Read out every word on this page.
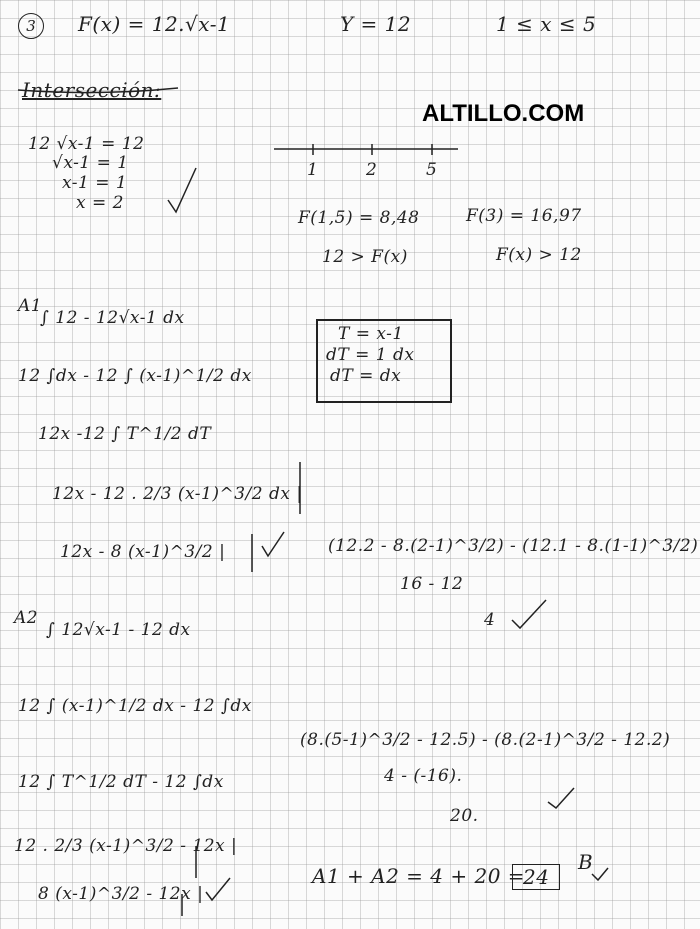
ALTILLO.COM
3	F(x) = 12.√x-1	Y = 12	1 ≤ x ≤ 5
Intersección:
12 √x-1 = 12
√x-1 = 1
x-1 = 1
x = 2
1	2	5
F(1,5) = 8,48	F(3) = 16,97
12 > F(x)	F(x) > 12
T = x-1
dT = 1 dx
dT = dx
A1
∫ 12 - 12√x-1 dx
12 ∫dx - 12 ∫ (x-1)^1/2 dx
12x -12 ∫ T^1/2 dT
12x - 12 . 2/3 (x-1)^3/2 dx |
12x - 8 (x-1)^3/2 |	(12.2 - 8.(2-1)^3/2) - (12.1 - 8.(1-1)^3/2)
16 - 12
4
A2
∫ 12√x-1 - 12 dx
12 ∫ (x-1)^1/2 dx - 12 ∫dx
12 ∫ T^1/2 dT - 12 ∫dx
12 . 2/3 (x-1)^3/2 - 12x |
8 (x-1)^3/2 - 12x |
(8.(5-1)^3/2 - 12.5) - (8.(2-1)^3/2 - 12.2)
4 - (-16).
20.
A1 + A2 = 4 + 20 =
24
B
